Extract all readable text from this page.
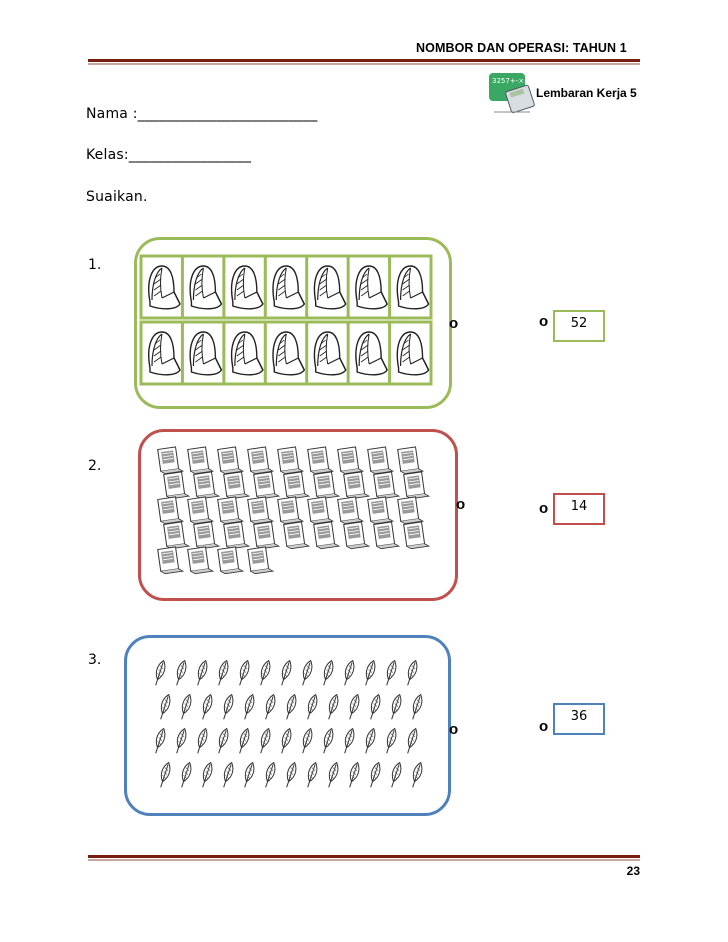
NOMBOR DAN OPERASI: TAHUN 1
3257+-×÷
Lembaran Kerja 5
Nama :_________________________
Kelas:_________________
Suaikan.
1.
o	o 52
2.
o	o 14
3.
o	o
36
23
